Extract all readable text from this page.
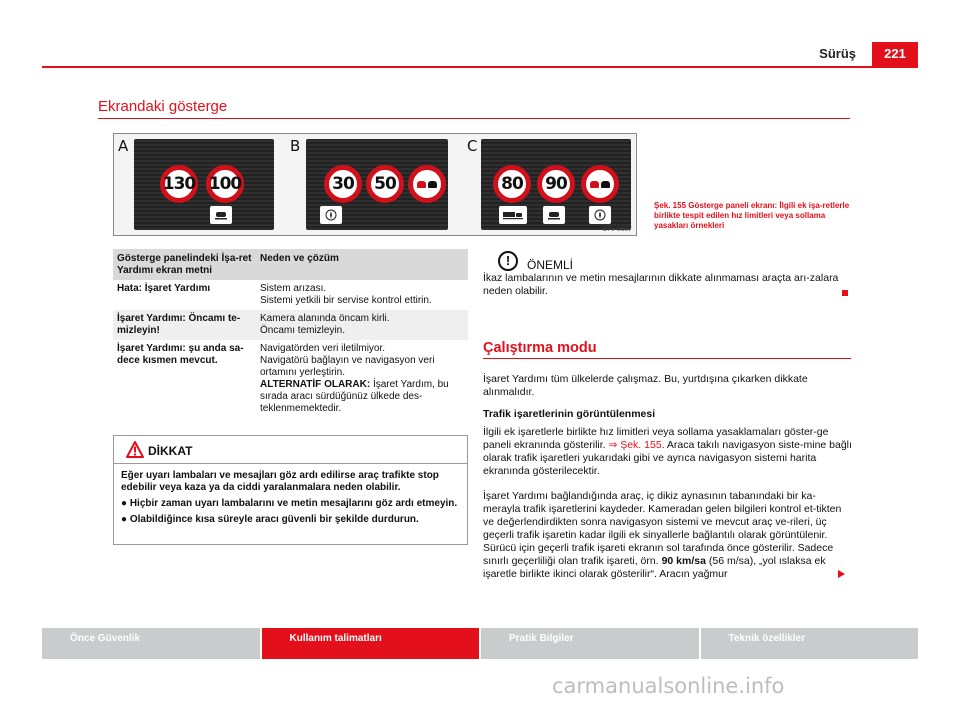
Sürüş	221
Ekrandaki gösterge
A
130 100
B
30	50
C
80	90
B7V-0607
Şek. 155 Gösterge paneli ekranı: İlgili ek işa-retlerle birlikte tespit edilen hız limitleri veya sollama yasakları örnekleri
Gösterge panelindeki İşa-ret Yardımı ekran metni	Neden ve çözüm
Hata: İşaret Yardımı	Sistem arızası.
Sistemi yetkili bir servise kontrol ettirin.

İşaret Yardımı: Öncamı te-mizleyin!	Kamera alanında öncam kirli.
Öncamı temizleyin.

İşaret Yardımı: şu anda sa-dece kısmen mevcut.	Navigatörden veri iletilmiyor.
Navigatörü bağlayın ve navigasyon veri ortamını yerleştirin.
ALTERNATİF OLARAK: İşaret Yardım, bu sırada aracı sürdüğünüz ülkede des-teklenmemektedir.
DİKKAT

Eğer uyarı lambaları ve mesajları göz ardı edilirse araç trafikte stop edebilir veya kaza ya da ciddi yaralanmalara neden olabilir.

● Hiçbir zaman uyarı lambalarını ve metin mesajlarını göz ardı etmeyin.

● Olabildiğince kısa süreyle aracı güvenli bir şekilde durdurun.

!	ÖNEMLİ
İkaz lambalarının ve metin mesajlarının dikkate alınmaması araçta arı-zalara neden olabilir.
Çalıştırma modu
İşaret Yardımı tüm ülkelerde çalışmaz. Bu, yurtdışına çıkarken dikkate alınmalıdır.
Trafik işaretlerinin görüntülenmesi
İlgili ek işaretlerle birlikte hız limitleri veya sollama yasaklamaları göster-ge paneli ekranında gösterilir. ⇒ Şek. 155. Araca takılı navigasyon siste-mine bağlı olarak trafik işaretleri yukarıdaki gibi ve ayrıca navigasyon sistemi harita ekranında gösterilecektir.
İşaret Yardımı bağlandığında araç, iç dikiz aynasının tabanındaki bir ka-merayla trafik işaretlerini kaydeder. Kameradan gelen bilgileri kontrol et-tikten ve değerlendirdikten sonra navigasyon sistemi ve mevcut araç ve-rileri, üç geçerli trafik işaretin kadar ilgili ek sinyallerle bağlantılı olarak görüntülenir. Sürücü için geçerli trafik işareti ekranın sol tarafında önce gösterilir. Sadece sınırlı geçerliliği olan trafik işareti, örn. 90 km/sa (56 m/sa), „yol ıslaksa ek işaretle birlikte ikinci olarak gösterilir“. Aracın yağmur
Önce Güvenlik	Kullanım talimatları	Pratik Bilgiler	Teknik özellikler
carmanualsonline.info
